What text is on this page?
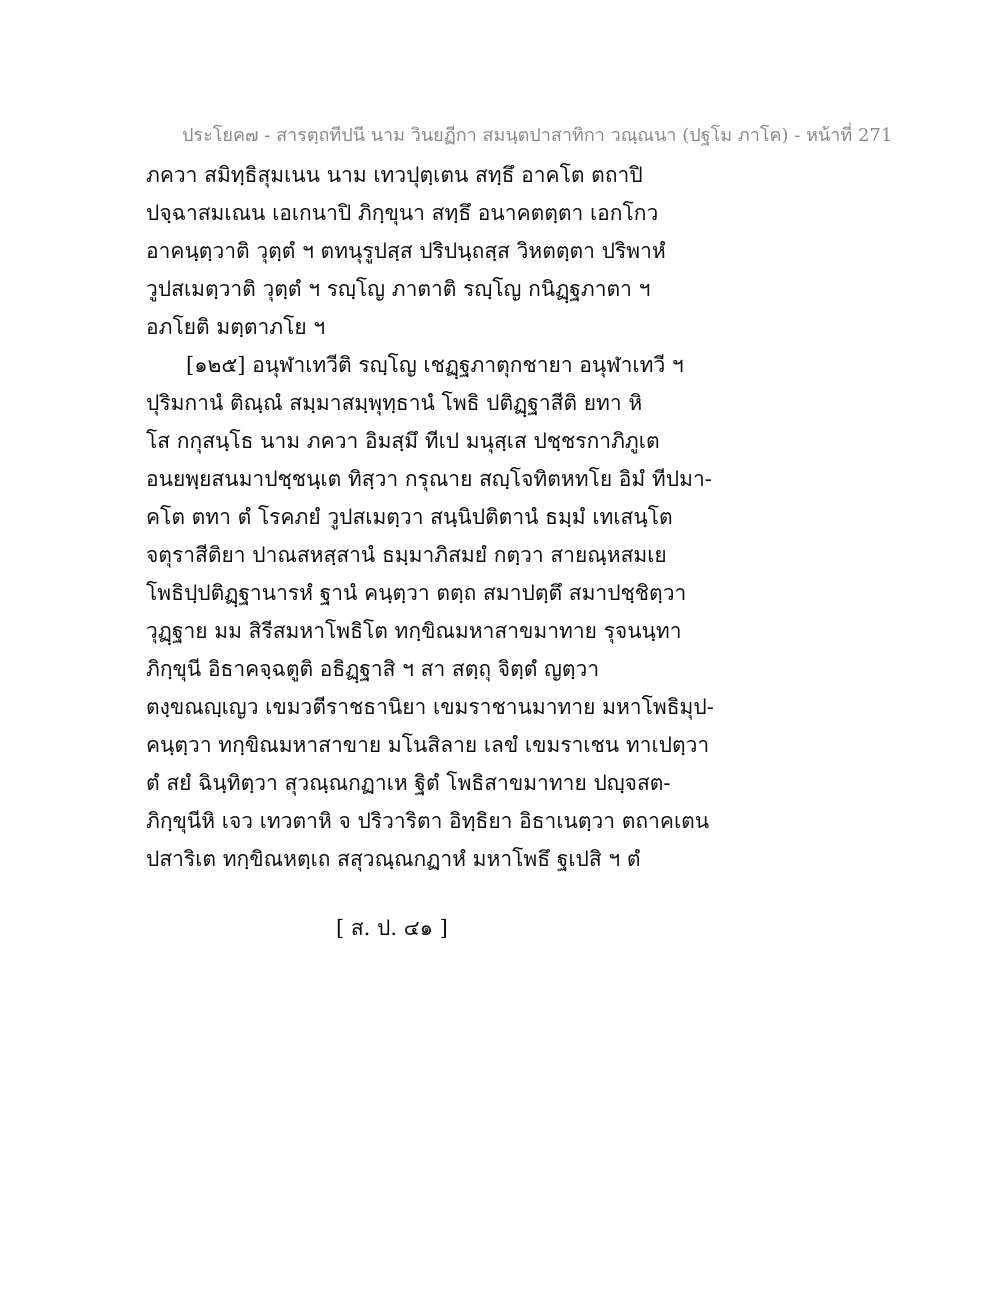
ประโยค๗ - สารตฺถทีปนี นาม วินยฏีกา สมนฺตปาสาทิกา วณฺณนา (ปฐโม ภาโค) - หน้าที่ 271
ภควา สมิทฺธิสุมเนน นาม เทวปุตฺเตน สทฺธึ อาคโต ตถาปิ
ปจฺฉาสมเณน เอเกนาปิ ภิกฺขุนา สทฺธึ อนาคตตฺตา เอกโกว
อาคนฺตฺวาติ วุตฺตํ ฯ ตทนุรูปสฺส ปริปนฺถสฺส วิหตตฺตา ปริพาหํ
วูปสเมตฺวาติ วุตฺตํ ฯ รญฺโญ ภาตาติ รญฺโญ กนิฏฺฐภาตา ฯ
อภโยติ มตฺตาภโย ฯ
[๑๒๕] อนุฬาเทวีติ รญฺโญ เชฏฺฐภาตุกชายา อนุฬาเทวี ฯ
ปุริมกานํ ติณฺณํ สมฺมาสมฺพุทฺธานํ โพธิ ปติฏฺฐาสีติ ยทา หิ
โส กกุสนฺโธ นาม ภควา อิมสฺมึ ทีเป มนุสฺเส ปชฺชรกาภิภูเต
อนยพฺยสนมาปชฺชนฺเต ทิสฺวา กรุณาย สญฺโจทิตหทโย อิมํ ทีปมา-
คโต ตทา ตํ โรคภยํ วูปสเมตฺวา สนฺนิปติตานํ ธมฺมํ เทเสนฺโต
จตุราสีติยา ปาณสหสฺสานํ ธมฺมาภิสมยํ กตฺวา สายณฺหสมเย
โพธิปฺปติฏฺฐานารหํ ฐานํ คนฺตฺวา ตตฺถ สมาปตฺตึ สมาปชฺชิตฺวา
วุฏฺฐาย มม สิรีสมหาโพธิโต ทกฺขิณมหาสาขมาทาย รุจนนฺทา
ภิกฺขุนี อิธาคจฺฉตูติ อธิฏฺฐาสิ ฯ สา สตฺถุ จิตฺตํ ญตฺวา
ตงฺขณญฺเญว เขมวตีราชธานิยา เขมราชานมาทาย มหาโพธิมุป-
คนฺตฺวา ทกฺขิณมหาสาขาย มโนสิลาย เลขํ เขมราเชน ทาเปตฺวา
ตํ สยํ ฉินฺทิตฺวา สุวณฺณกฏาเห ฐิตํ โพธิสาขมาทาย ปญฺจสต-
ภิกฺขุนีหิ เจว เทวตาหิ จ ปริวาริตา อิทฺธิยา อิธาเนตฺวา ตถาคเตน
ปสาริเต ทกฺขิณหตฺเถ สสุวณฺณกฏาหํ มหาโพธึ ฐเปสิ ฯ ตํ
[ ส. ป. ๔๑ ]
